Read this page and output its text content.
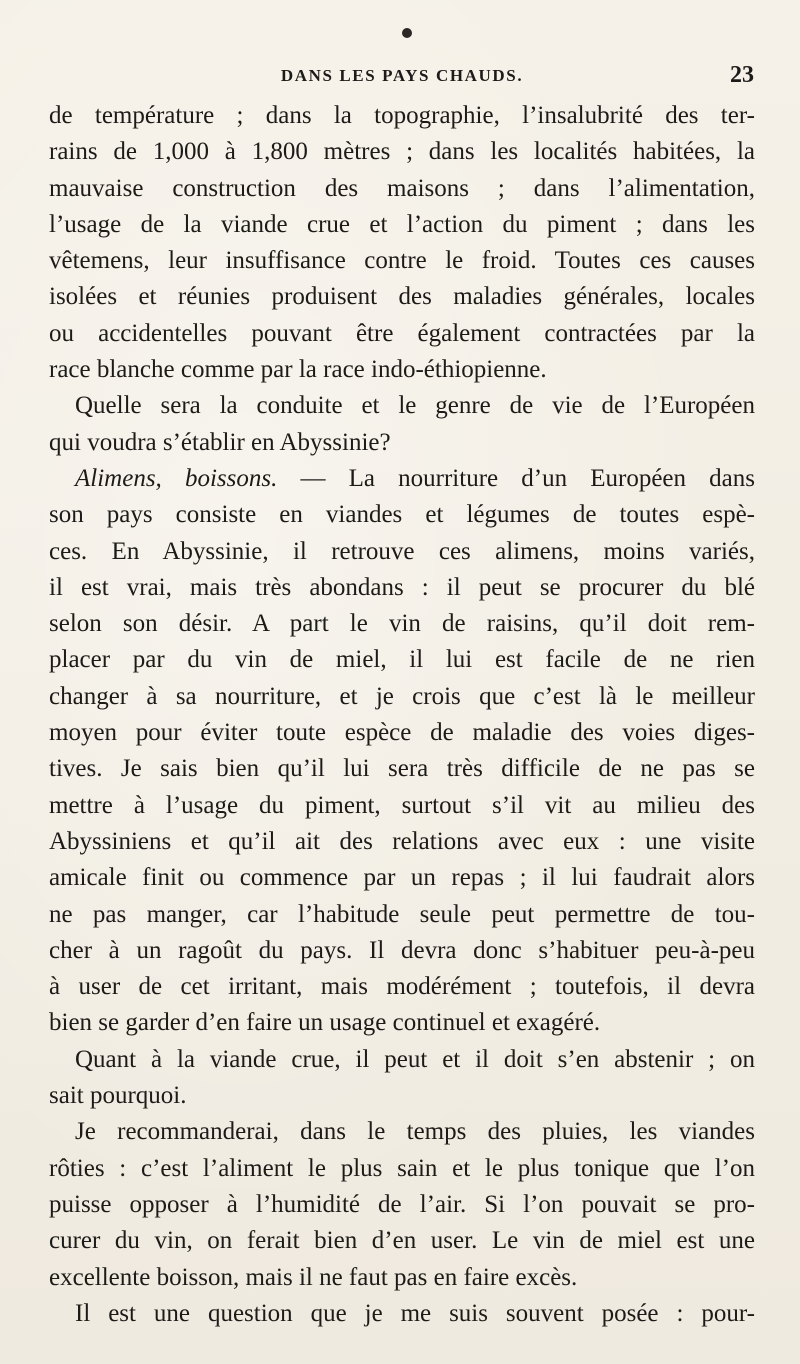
DANS LES PAYS CHAUDS.	23
de température ; dans la topographie, l’insalubrité des ter-
rains de 1,000 à 1,800 mètres ; dans les localités habitées, la
mauvaise construction des maisons ; dans l’alimentation,
l’usage de la viande crue et l’action du piment ; dans les
vêtemens, leur insuffisance contre le froid. Toutes ces causes
isolées et réunies produisent des maladies générales, locales
ou accidentelles pouvant être également contractées par la
race blanche comme par la race indo-éthiopienne.
Quelle sera la conduite et le genre de vie de l’Européen
qui voudra s’établir en Abyssinie?
Alimens, boissons. — La nourriture d’un Européen dans
son pays consiste en viandes et légumes de toutes espè-
ces. En Abyssinie, il retrouve ces alimens, moins variés,
il est vrai, mais très abondans : il peut se procurer du blé
selon son désir. A part le vin de raisins, qu’il doit rem-
placer par du vin de miel, il lui est facile de ne rien
changer à sa nourriture, et je crois que c’est là le meilleur
moyen pour éviter toute espèce de maladie des voies diges-
tives. Je sais bien qu’il lui sera très difficile de ne pas se
mettre à l’usage du piment, surtout s’il vit au milieu des
Abyssiniens et qu’il ait des relations avec eux : une visite
amicale finit ou commence par un repas ; il lui faudrait alors
ne pas manger, car l’habitude seule peut permettre de tou-
cher à un ragoût du pays. Il devra donc s’habituer peu-à-peu
à user de cet irritant, mais modérément ; toutefois, il devra
bien se garder d’en faire un usage continuel et exagéré.
Quant à la viande crue, il peut et il doit s’en abstenir ; on
sait pourquoi.
Je recommanderai, dans le temps des pluies, les viandes
rôties : c’est l’aliment le plus sain et le plus tonique que l’on
puisse opposer à l’humidité de l’air. Si l’on pouvait se pro-
curer du vin, on ferait bien d’en user. Le vin de miel est une
excellente boisson, mais il ne faut pas en faire excès.
Il est une question que je me suis souvent posée : pour-
